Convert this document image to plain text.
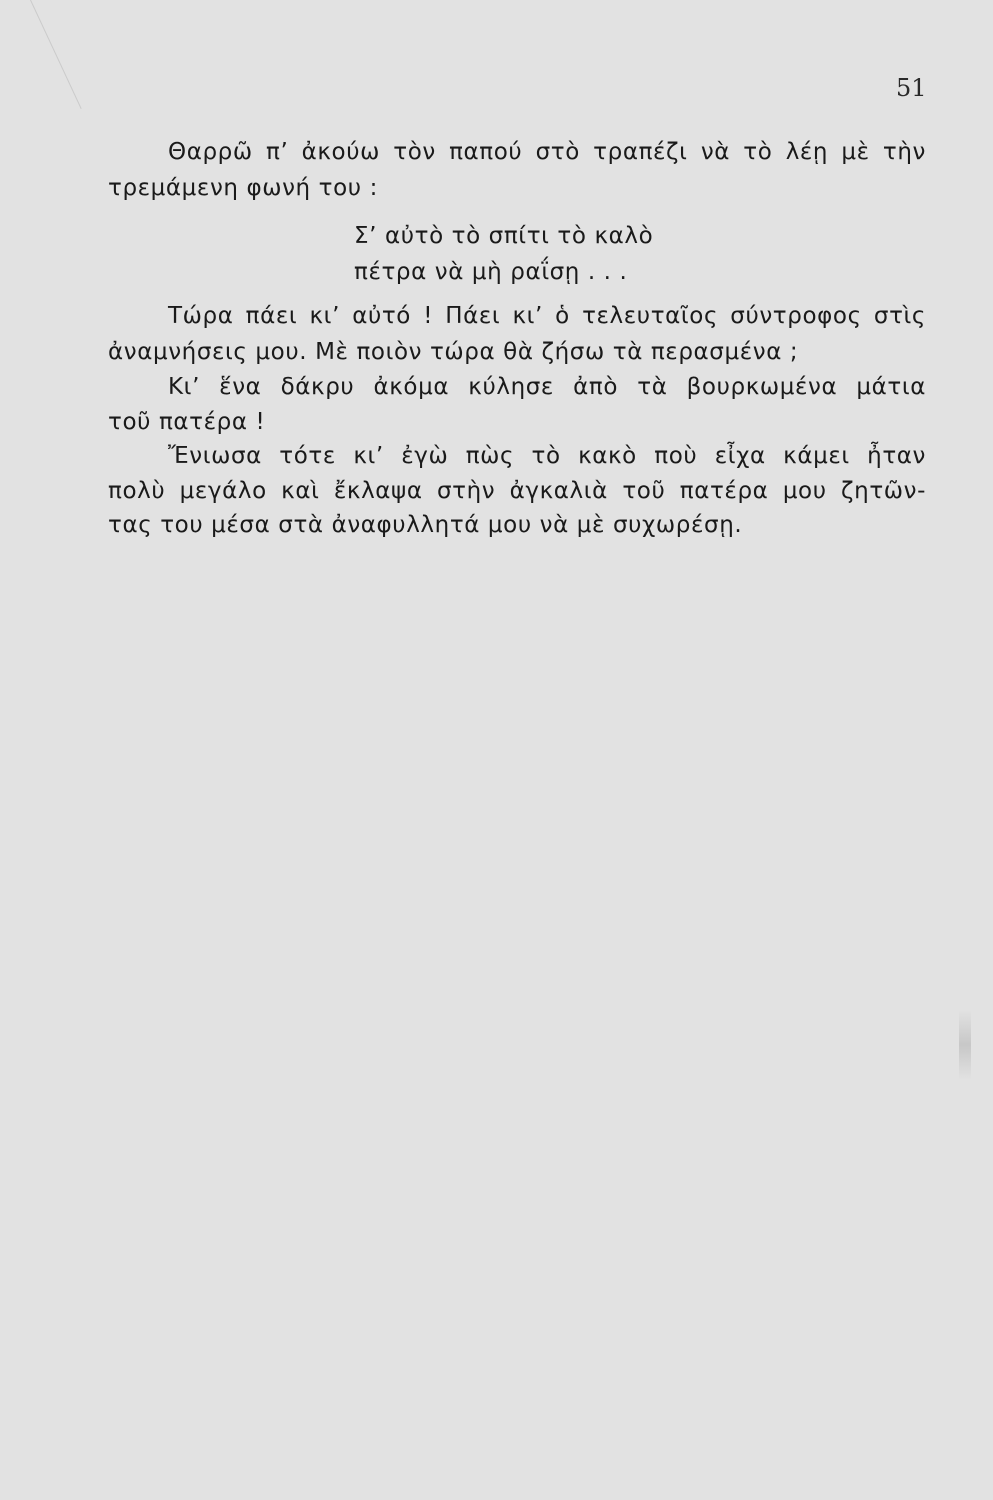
51
Θαρρῶ π’ ἀκούω τὸν παπού στὸ τραπέζι νὰ τὸ λέῃ μὲ τὴν
τρεμάμενη φωνή του :
Σ’ αὐτὸ τὸ σπίτι τὸ καλὸ
πέτρα νὰ μὴ ραΐσῃ . . .
Τώρα πάει κι’ αὐτό ! Πάει κι’ ὁ τελευταῖος σύντροφος στὶς
ἀναμνήσεις μου. Μὲ ποιὸν τώρα θὰ ζήσω τὰ περασμένα ;
Κι’ ἕνα δάκρυ ἀκόμα κύλησε ἀπὸ τὰ βουρκωμένα μάτια
τοῦ πατέρα !
Ἔνιωσα τότε κι’ ἐγὼ πὼς τὸ κακὸ ποὺ εἶχα κάμει ἦταν
πολὺ μεγάλο καὶ ἔκλαψα στὴν ἀγκαλιὰ τοῦ πατέρα μου ζητῶν-
τας του μέσα στὰ ἀναφυλλητά μου νὰ μὲ συχωρέσῃ.
